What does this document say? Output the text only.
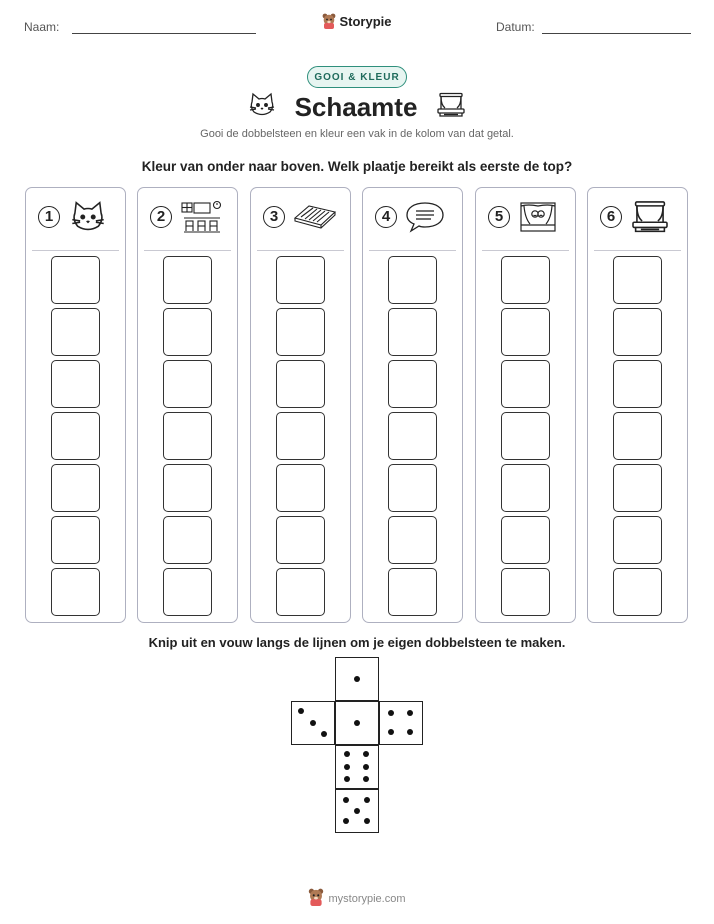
Naam:	Storypie	Datum:
GOOI & KLEUR
Schaamte
Gooi de dobbelsteen en kleur een vak in de kolom van dat getal.
Kleur van onder naar boven. Welk plaatje bereikt als eerste de top?
1	2	3	4	5	6
Knip uit en vouw langs de lijnen om je eigen dobbelsteen te maken.
mystorypie.com
